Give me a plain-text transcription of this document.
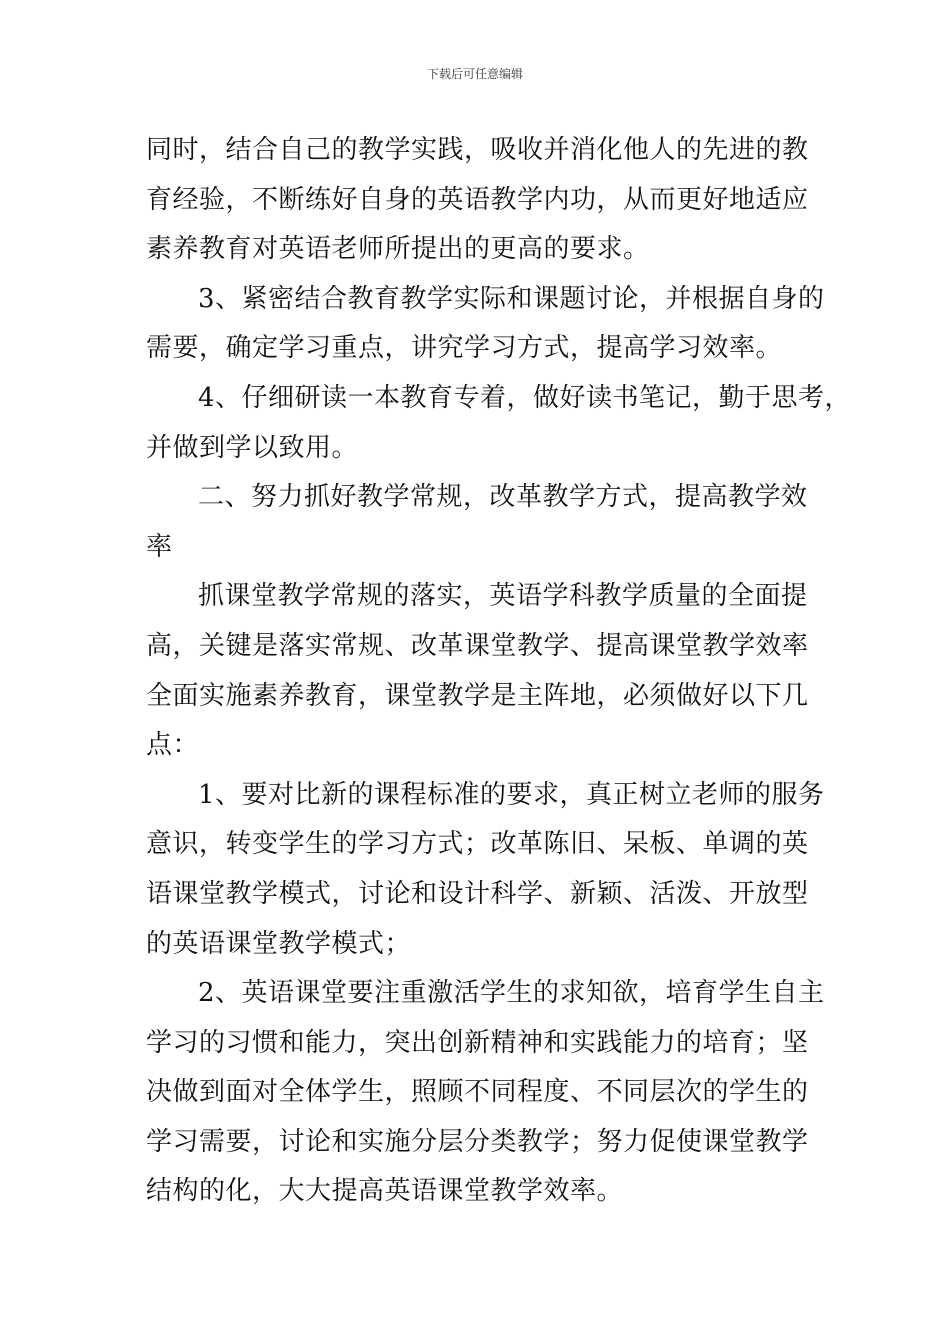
下载后可任意编辑
同时，结合自己的教学实践，吸收并消化他人的先进的教
育经验，不断练好自身的英语教学内功，从而更好地适应
素养教育对英语老师所提出的更高的要求。
3、紧密结合教育教学实际和课题讨论，并根据自身的
需要，确定学习重点，讲究学习方式，提高学习效率。
4、仔细研读一本教育专着，做好读书笔记，勤于思考，
并做到学以致用。
二、努力抓好教学常规，改革教学方式，提高教学效
率
抓课堂教学常规的落实，英语学科教学质量的全面提
高，关键是落实常规、改革课堂教学、提高课堂教学效率
全面实施素养教育，课堂教学是主阵地，必须做好以下几
点：
1、要对比新的课程标准的要求，真正树立老师的服务
意识，转变学生的学习方式；改革陈旧、呆板、单调的英
语课堂教学模式，讨论和设计科学、新颖、活泼、开放型
的英语课堂教学模式；
2、英语课堂要注重激活学生的求知欲，培育学生自主
学习的习惯和能力，突出创新精神和实践能力的培育；坚
决做到面对全体学生，照顾不同程度、不同层次的学生的
学习需要，讨论和实施分层分类教学；努力促使课堂教学
结构的化，大大提高英语课堂教学效率。
